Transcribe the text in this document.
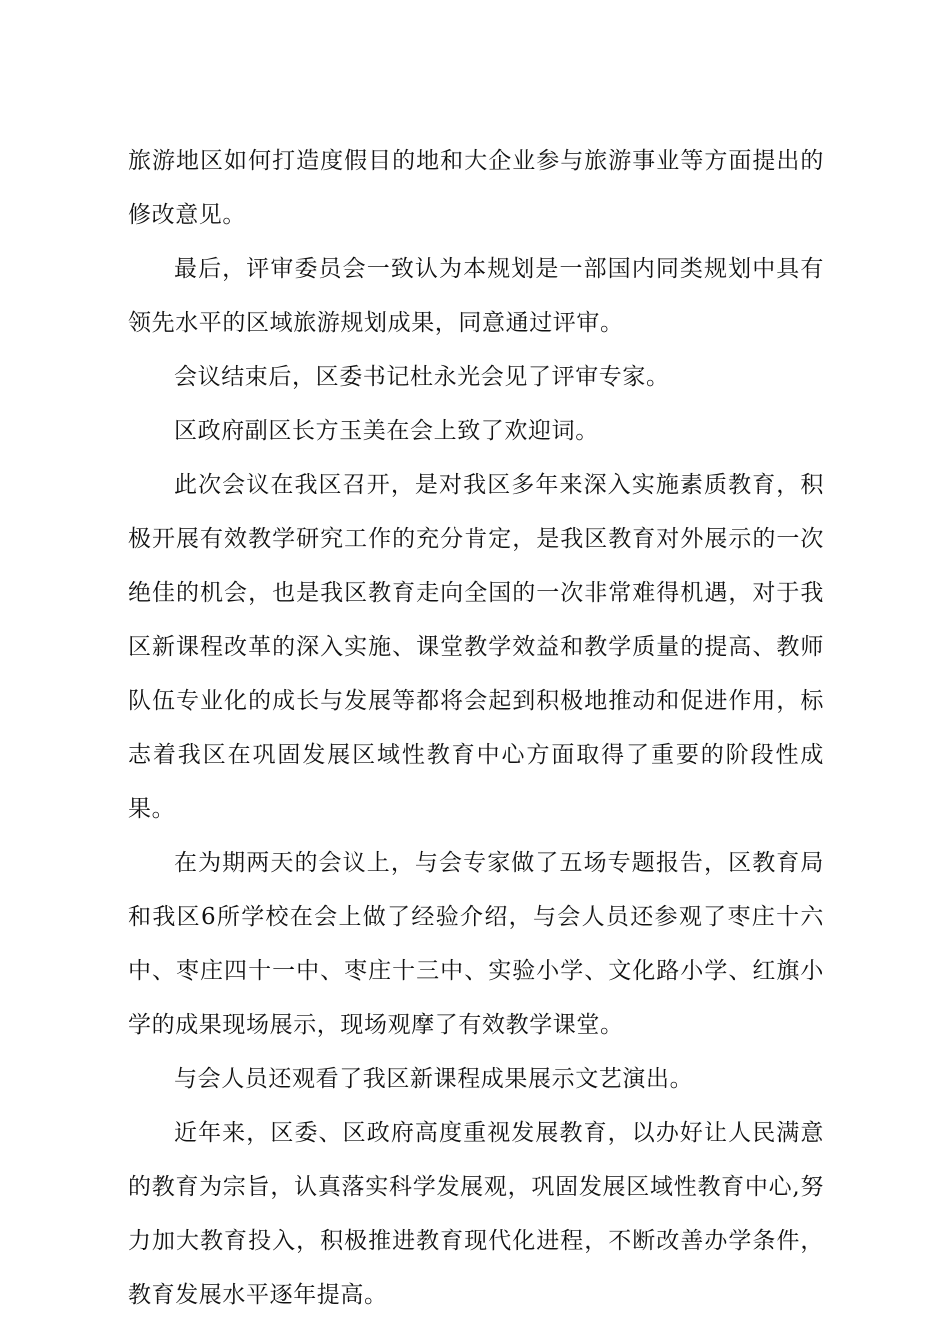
旅游地区如何打造度假目的地和大企业参与旅游事业等方面提出的修改意见。

最后，评审委员会一致认为本规划是一部国内同类规划中具有领先水平的区域旅游规划成果，同意通过评审。

会议结束后，区委书记杜永光会见了评审专家。

区政府副区长方玉美在会上致了欢迎词。

此次会议在我区召开，是对我区多年来深入实施素质教育，积极开展有效教学研究工作的充分肯定，是我区教育对外展示的一次绝佳的机会，也是我区教育走向全国的一次非常难得机遇，对于我区新课程改革的深入实施、课堂教学效益和教学质量的提高、教师队伍专业化的成长与发展等都将会起到积极地推动和促进作用，标志着我区在巩固发展区域性教育中心方面取得了重要的阶段性成果。

在为期两天的会议上，与会专家做了五场专题报告，区教育局和我区6所学校在会上做了经验介绍，与会人员还参观了枣庄十六中、枣庄四十一中、枣庄十三中、实验小学、文化路小学、红旗小学的成果现场展示，现场观摩了有效教学课堂。

与会人员还观看了我区新课程成果展示文艺演出。

近年来，区委、区政府高度重视发展教育，以办好让人民满意的教育为宗旨，认真落实科学发展观，巩固发展区域性教育中心,努力加大教育投入，积极推进教育现代化进程，不断改善办学条件，教育发展水平逐年提高。
